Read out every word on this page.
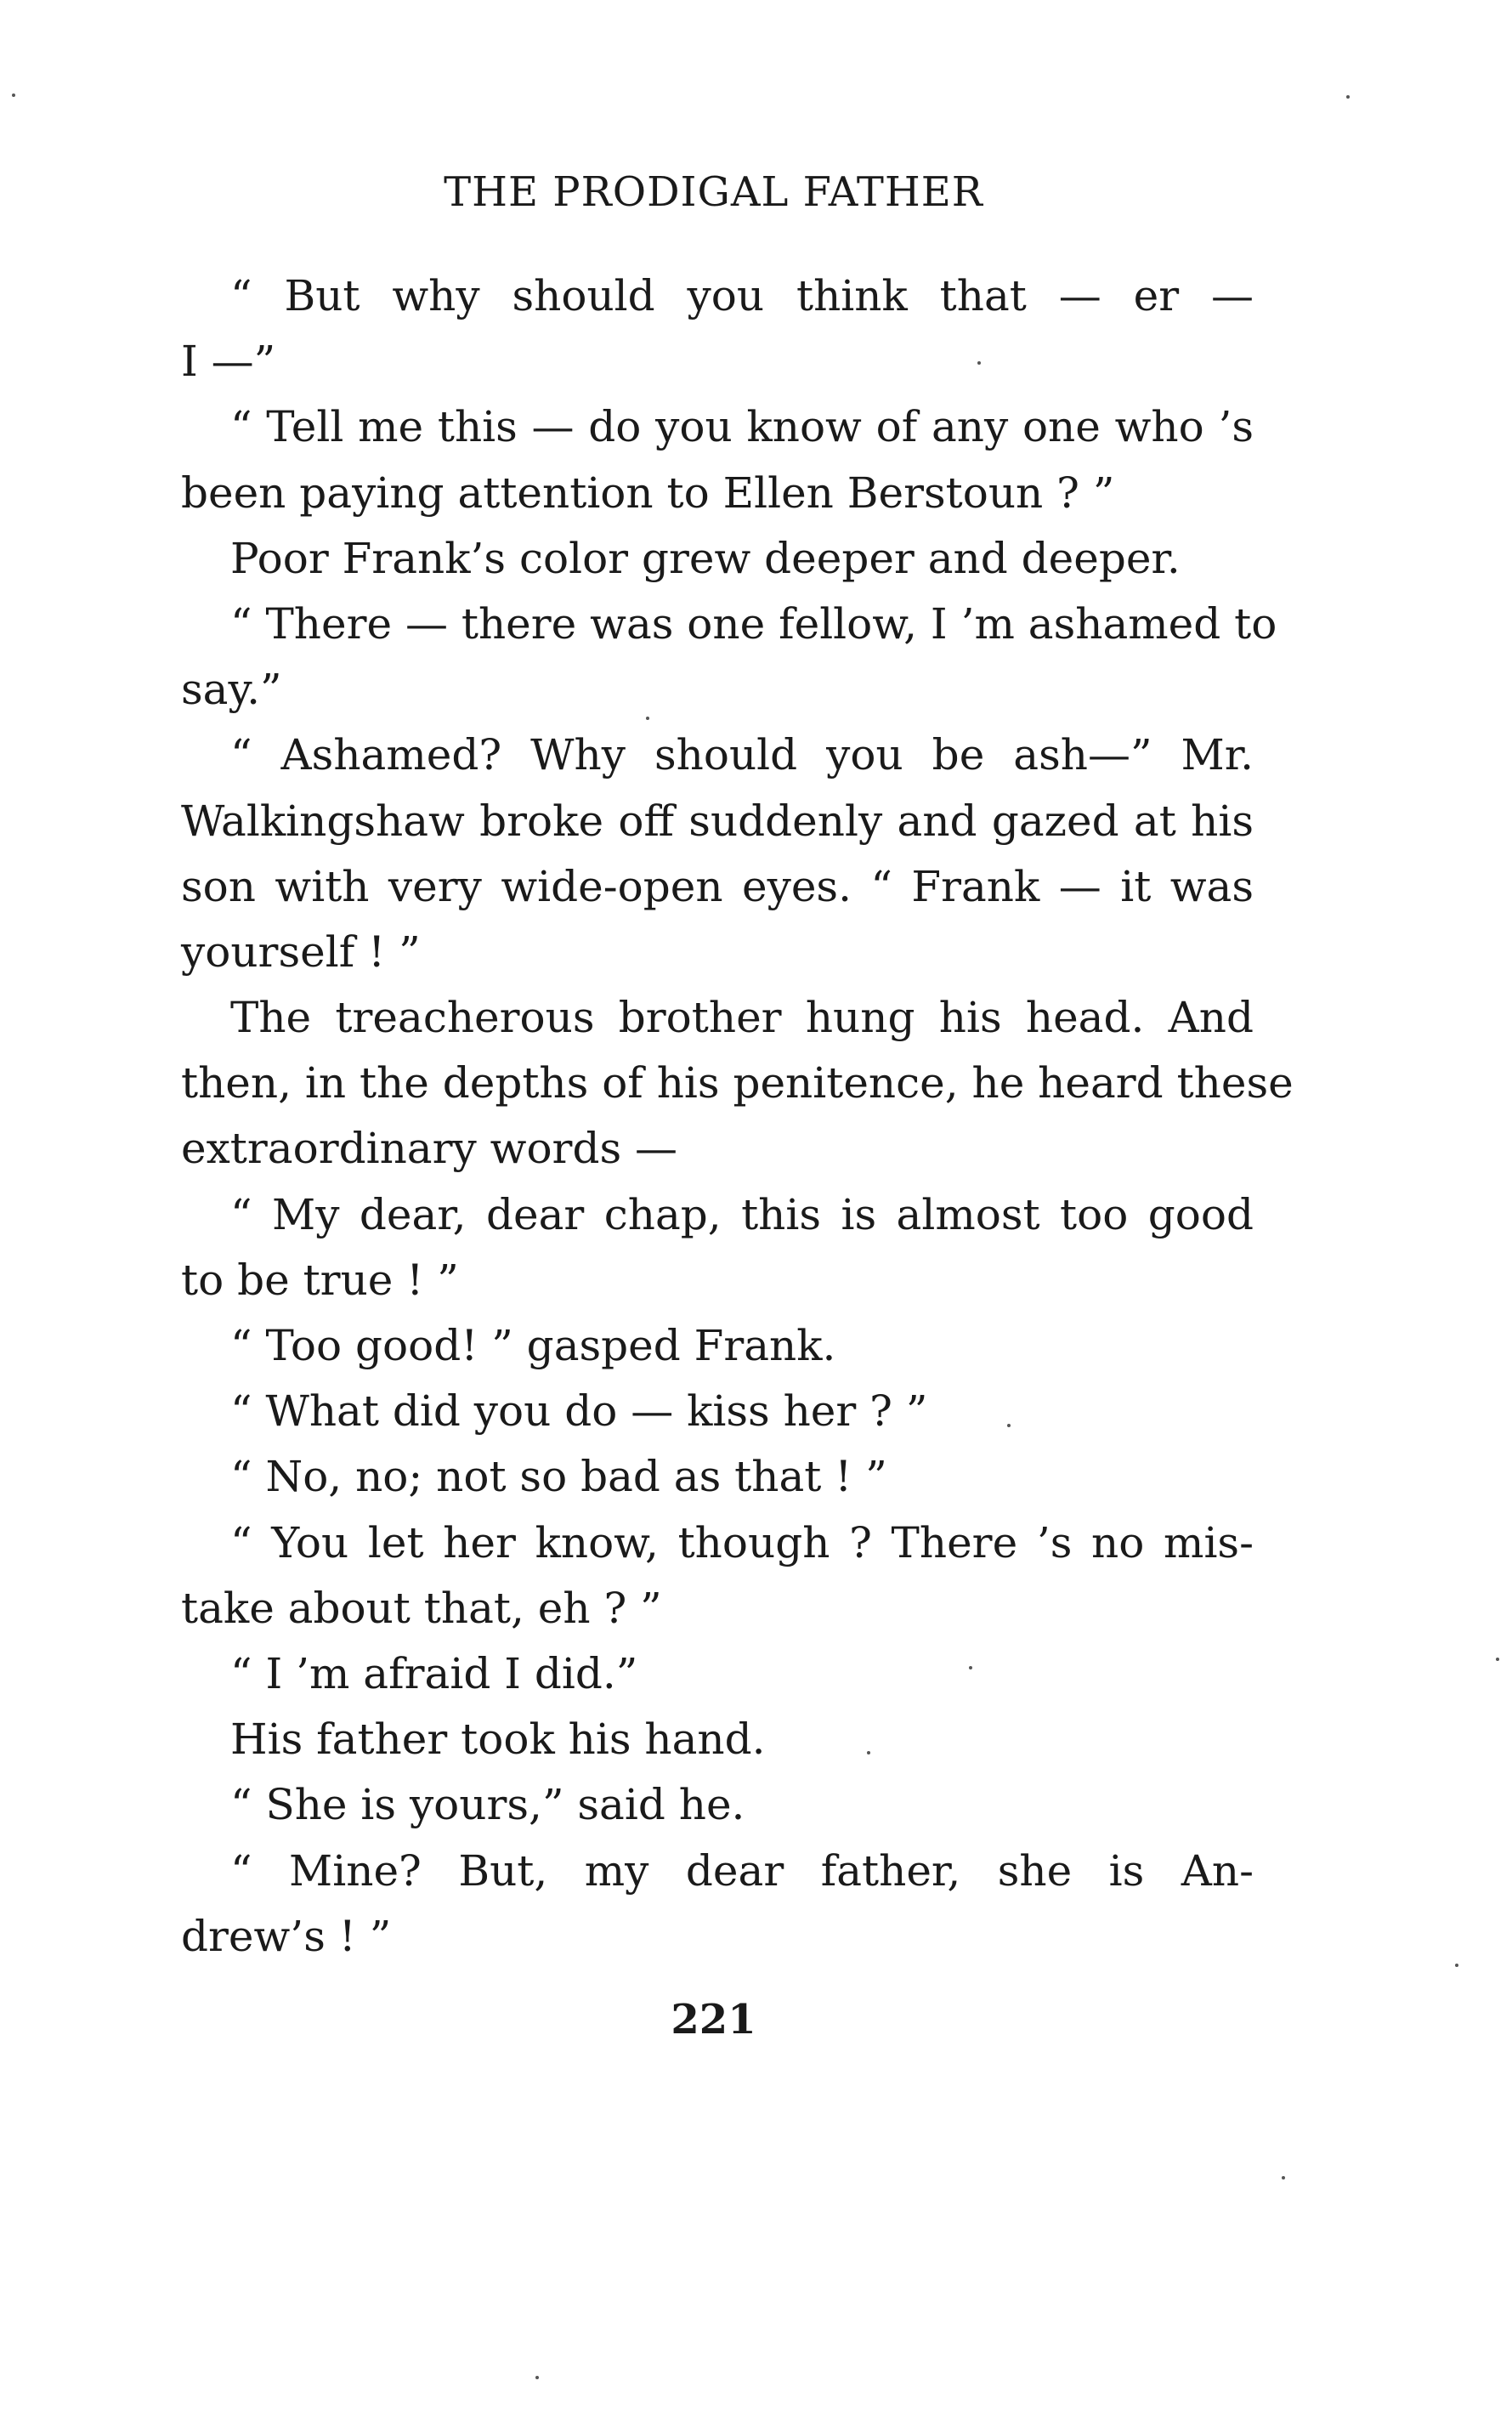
THE PRODIGAL FATHER
“ But why should you think that — er —
I —”
“ Tell me this — do you know of any one who ’s
been paying attention to Ellen Berstoun ? ”
Poor Frank’s color grew deeper and deeper.
“ There — there was one fellow, I ’m ashamed to
say.”
“ Ashamed? Why should you be ash—” Mr.
Walkingshaw broke off suddenly and gazed at his
son with very wide-open eyes. “ Frank — it was
yourself ! ”
The treacherous brother hung his head. And
then, in the depths of his penitence, he heard these
extraordinary words —
“ My dear, dear chap, this is almost too good
to be true ! ”
“ Too good! ” gasped Frank.
“ What did you do — kiss her ? ”
“ No, no; not so bad as that ! ”
“ You let her know, though ? There ’s no mis-
take about that, eh ? ”
“ I ’m afraid I did.”
His father took his hand.
“ She is yours,” said he.
“ Mine? But, my dear father, she is An-
drew’s ! ”
221
